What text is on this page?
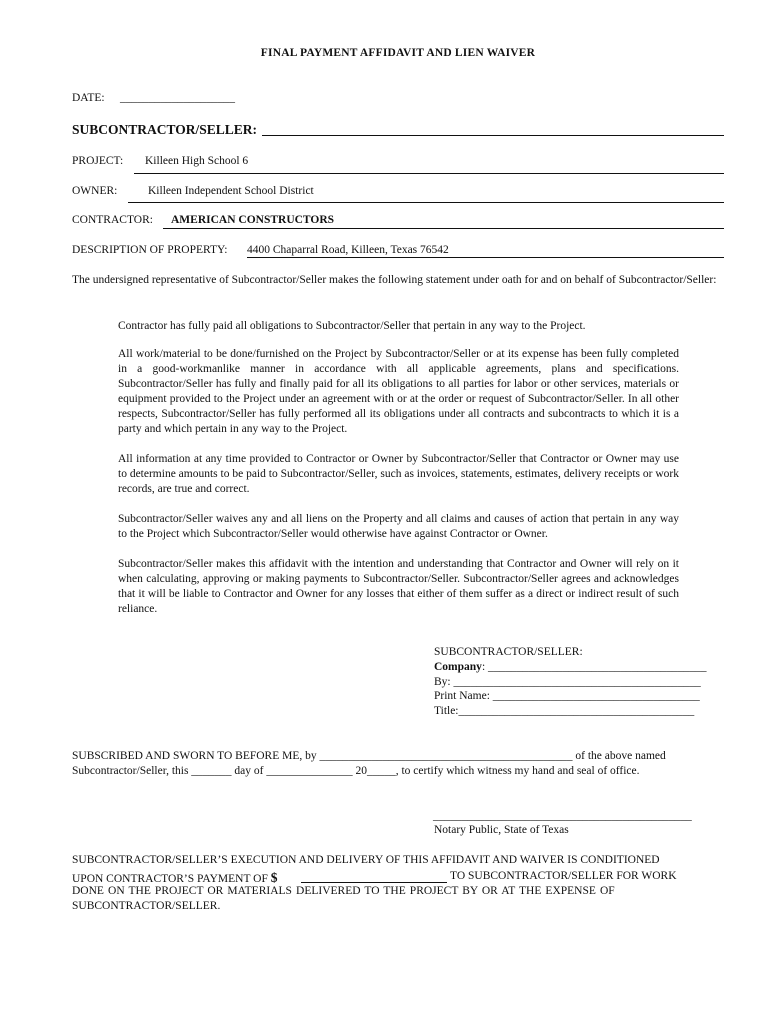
FINAL PAYMENT AFFIDAVIT AND LIEN WAIVER
DATE: ____________________
SUBCONTRACTOR/SELLER:
PROJECT: Killeen High School 6
OWNER:	Killeen Independent School District
CONTRACTOR: AMERICAN CONSTRUCTORS
DESCRIPTION OF PROPERTY: 4400 Chaparral Road, Killeen, Texas 76542
The undersigned representative of Subcontractor/Seller makes the following statement under oath for and on behalf of Subcontractor/Seller:
Contractor has fully paid all obligations to Subcontractor/Seller that pertain in any way to the Project.
All work/material to be done/furnished on the Project by Subcontractor/Seller or at its expense has been fully completed in a good-workmanlike manner in accordance with all applicable agreements, plans and specifications. Subcontractor/Seller has fully and finally paid for all its obligations to all parties for labor or other services, materials or equipment provided to the Project under an agreement with or at the order or request of Subcontractor/Seller. In all other respects, Subcontractor/Seller has fully performed all its obligations under all contracts and subcontracts to which it is a party and which pertain in any way to the Project.
All information at any time provided to Contractor or Owner by Subcontractor/Seller that Contractor or Owner may use to determine amounts to be paid to Subcontractor/Seller, such as invoices, statements, estimates, delivery receipts or work records, are true and correct.
Subcontractor/Seller waives any and all liens on the Property and all claims and causes of action that pertain in any way to the Project which Subcontractor/Seller would otherwise have against Contractor or Owner.
Subcontractor/Seller makes this affidavit with the intention and understanding that Contractor and Owner will rely on it when calculating, approving or making payments to Subcontractor/Seller. Subcontractor/Seller agrees and acknowledges that it will be liable to Contractor and Owner for any losses that either of them suffer as a direct or indirect result of such reliance.
SUBCONTRACTOR/SELLER:
Company: ______________________________________
By: ___________________________________________
Print Name: ____________________________________
Title:_________________________________________
SUBSCRIBED AND SWORN TO BEFORE ME, by ____________________________________________ of the above named
Subcontractor/Seller, this _______ day of _______________ 20_____, to certify which witness my hand and seal of office.
_____________________________________________
Notary Public, State of Texas
SUBCONTRACTOR/SELLER’S EXECUTION AND DELIVERY OF THIS AFFIDAVIT AND WAIVER IS CONDITIONED
UPON CONTRACTOR’S PAYMENT OF $	TO SUBCONTRACTOR/SELLER FOR WORK
DONE ON THE PROJECT OR MATERIALS DELIVERED TO THE PROJECT BY OR AT THE EXPENSE OF
SUBCONTRACTOR/SELLER.
